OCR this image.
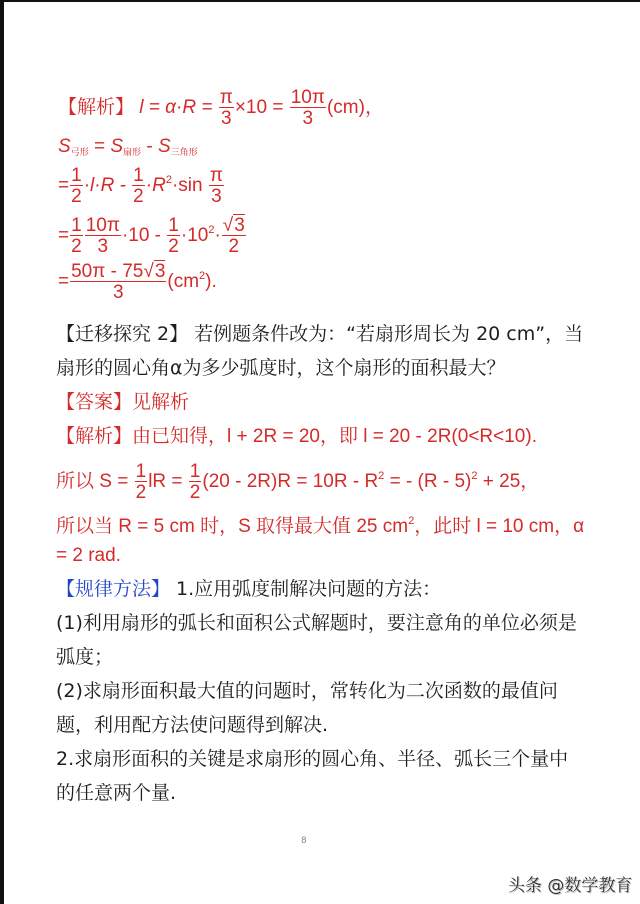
【解析】 $l = \alpha\cdot R = \frac{\pi}{3} \times 10 = \frac{10\pi}{3} (cm)$，
$S_{弓形} = S_{扇形} - S_{三角形}$
= $\frac{1}{2} \cdot l\cdot R - \frac{1}{2} \cdot R^2\cdot\sin \frac{\pi}{3}$
= $\frac{1}{2} \frac{10\pi}{3} \cdot 10 - \frac{1}{2} \cdot 10^2\cdot \frac{√3}{2}$
= $\frac{50\pi - 75√3}{3} (cm^2)$.
【迁移探究 2】 若例题条件改为：“若扇形周长为 20 cm”，当
扇形的圆心角α为多少弧度时，这个扇形的面积最大？
【答案】见解析
【解析】由已知得，l + 2R = 20，即 l = 20 - 2R(0<R<10).
所以 $S = \frac{1}{2}$ lR = $\frac{1}{2} (20 - 2R)R = 10R - R^2$ = - (R - 5)$^2$ + 25，
所以当 R = 5 cm 时，S 取得最大值 25 $cm^2$，此时 l = 10 cm，α
= 2 rad.
【规律方法】 1.应用弧度制解决问题的方法：
(1)利用扇形的弧长和面积公式解题时，要注意角的单位必须是
弧度；
(2)求扇形面积最大值的问题时，常转化为二次函数的最值问
题，利用配方法使问题得到解决.
2.求扇形面积的关键是求扇形的圆心角、半径、弧长三个量中
的任意两个量.
8
头条 @数学教育
